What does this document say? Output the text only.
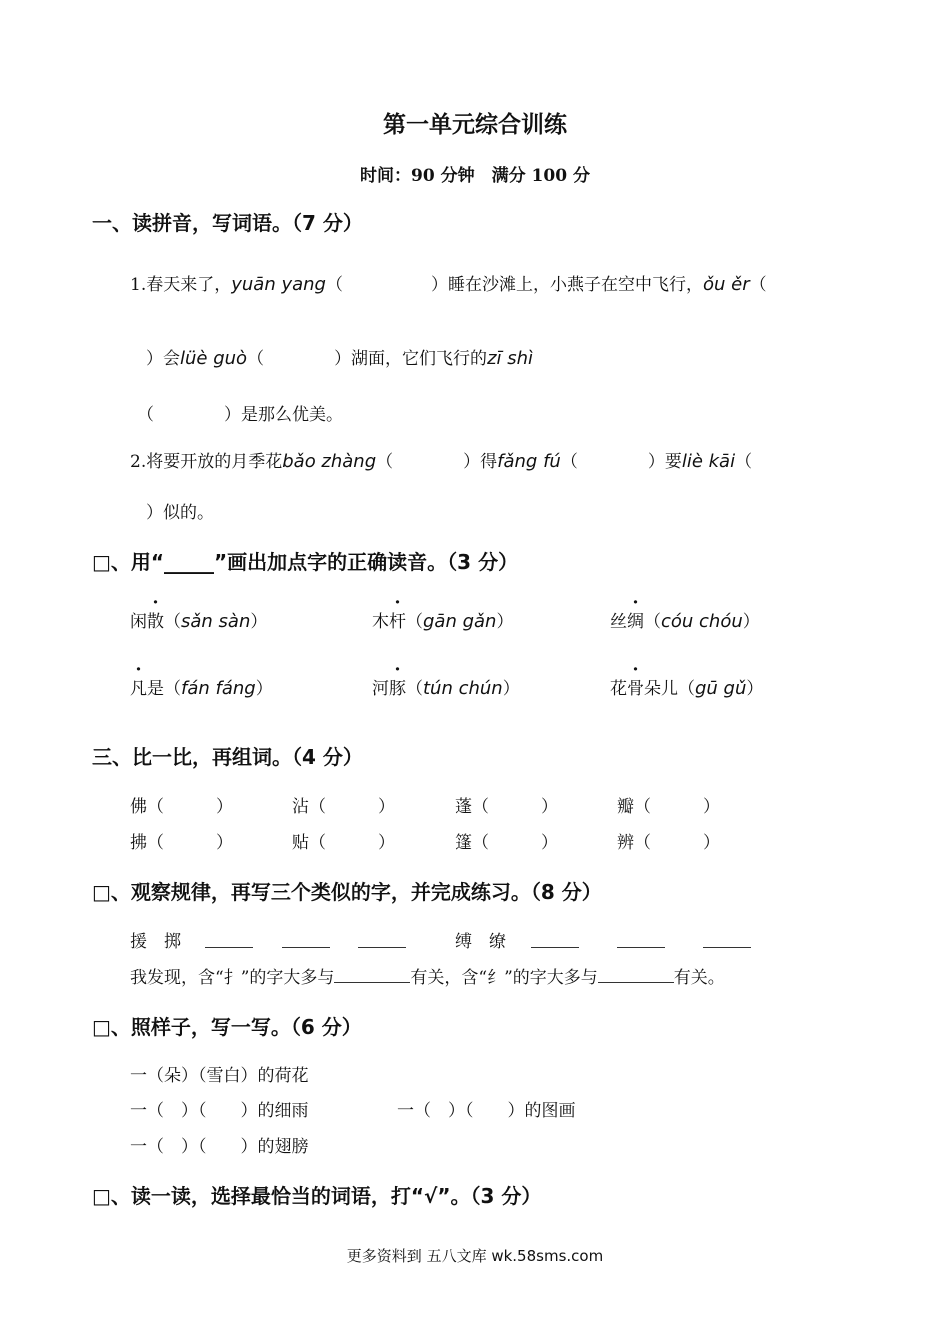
第一单元综合训练
时间：90 分钟　满分 100 分
一、读拼音，写词语。（7 分）
1.春天来了，yuān yang（	）睡在沙滩上，小燕子在空中飞行，ǒu ěr（
）会lüè guò（	）湖面，它们飞行的zī shì
（	）是那么优美。
2.将要开放的月季花bǎo zhàng（	）得fǎng fú（	）要liè kāi（
）似的。
□、用“_____”画出加点字的正确读音。（3 分）
闲散（sǎn sàn）	木杆（gān gǎn）	丝绸（cóu chóu）
凡是（fán fáng）	河豚（tún chún）	花骨朵儿（gū gǔ）
三、比一比，再组词。（4 分）
佛（	）	沾（	）	蓬（	）	瓣（	）
拂（	）	贴（	）	篷（	）	辨（	）
□、观察规律，再写三个类似的字，并完成练习。（8 分）
援　掷	缚　缭
我发现，含“扌”的字大多与	有关，含“纟”的字大多与	有关。
□、照样子，写一写。（6 分）
一（朵）（雪白）的荷花
一（　）（　　）的细雨	一（　）（　　）的图画
一（　）（　　）的翅膀
□、读一读，选择最恰当的词语，打“√”。（3 分）
更多资料到 五八文库 wk.58sms.com
